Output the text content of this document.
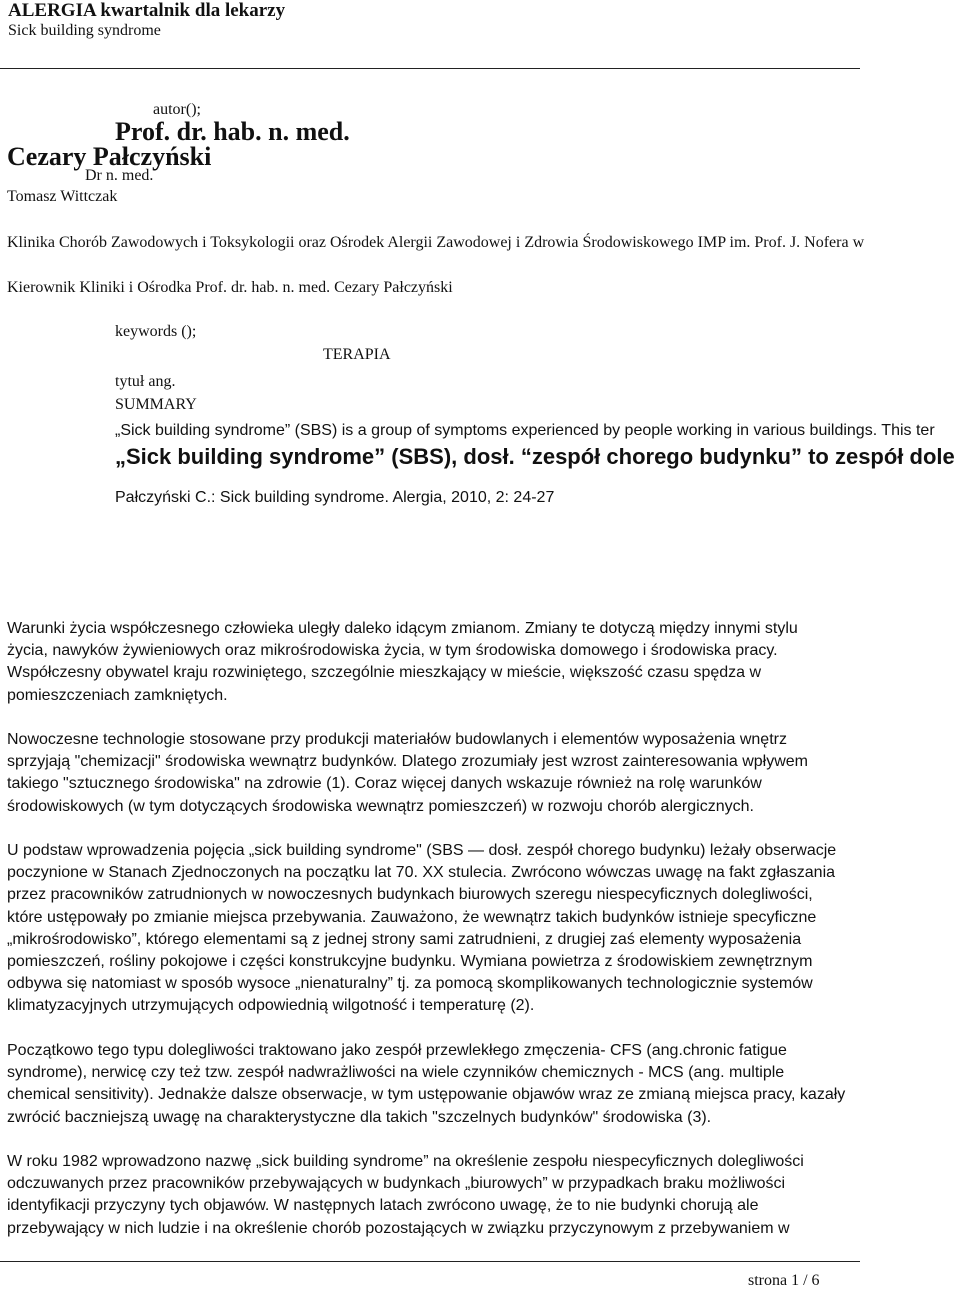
ALERGIA kwartalnik dla lekarzy
Sick building syndrome
autor();
Prof. dr. hab. n. med.
Cezary Pałczyński
Dr n. med.
Tomasz Wittczak
Klinika Chorób Zawodowych i Toksykologii oraz Ośrodek Alergii Zawodowej i Zdrowia Środowiskowego IMP im. Prof. J. Nofera w
Kierownik Kliniki i Ośrodka Prof. dr. hab. n. med. Cezary Pałczyński
keywords ();
TERAPIA
tytuł ang.
SUMMARY
„Sick building syndrome” (SBS) is a group of symptoms experienced by people working in various buildings. This ter
„Sick building syndrome” (SBS), dosł. “zespół chorego budynku” to zespół dole
Pałczyński C.: Sick building syndrome. Alergia, 2010, 2: 24-27
Warunki życia współczesnego człowieka uległy daleko idącym zmianom. Zmiany te dotyczą między innymi stylu
życia, nawyków żywieniowych oraz mikrośrodowiska życia, w tym środowiska domowego i środowiska pracy.
Współczesny obywatel kraju rozwiniętego, szczególnie mieszkający w mieście, większość czasu spędza w
pomieszczeniach zamkniętych.
Nowoczesne technologie stosowane przy produkcji materiałów budowlanych i elementów wyposażenia wnętrz
sprzyjają "chemizacji" środowiska wewnątrz budynków. Dlatego zrozumiały jest wzrost zainteresowania wpływem
takiego "sztucznego środowiska" na zdrowie (1). Coraz więcej danych wskazuje również na rolę warunków
środowiskowych (w tym dotyczących środowiska wewnątrz pomieszczeń) w rozwoju chorób alergicznych.
U podstaw wprowadzenia pojęcia „sick building syndrome" (SBS — dosł. zespół chorego budynku) leżały obserwacje
poczynione w Stanach Zjednoczonych na początku lat 70. XX stulecia. Zwrócono wówczas uwagę na fakt zgłaszania
przez pracowników zatrudnionych w nowoczesnych budynkach biurowych szeregu niespecyficznych dolegliwości,
które ustępowały po zmianie miejsca przebywania. Zauważono, że wewnątrz takich budynków istnieje specyficzne
„mikrośrodowisko”, którego elementami są z jednej strony sami zatrudnieni, z drugiej zaś elementy wyposażenia
pomieszczeń, rośliny pokojowe i części konstrukcyjne budynku. Wymiana powietrza z środowiskiem zewnętrznym
odbywa się natomiast w sposób wysoce „nienaturalny” tj. za pomocą skomplikowanych technologicznie systemów
klimatyzacyjnych utrzymujących odpowiednią wilgotność i temperaturę (2).
Początkowo tego typu dolegliwości traktowano jako zespół przewlekłego zmęczenia- CFS (ang.chronic fatigue
syndrome), nerwicę czy też tzw. zespół nadwrażliwości na wiele czynników chemicznych - MCS (ang. multiple
chemical sensitivity). Jednakże dalsze obserwacje, w tym ustępowanie objawów wraz ze zmianą miejsca pracy, kazały
zwrócić baczniejszą uwagę na charakterystyczne dla takich "szczelnych budynków" środowiska (3).
W roku 1982 wprowadzono nazwę „sick building syndrome” na określenie zespołu niespecyficznych dolegliwości
odczuwanych przez pracowników przebywających w budynkach „biurowych” w przypadkach braku możliwości
identyfikacji przyczyny tych objawów. W następnych latach zwrócono uwagę, że to nie budynki chorują ale
przebywający w nich ludzie i na określenie chorób pozostających w związku przyczynowym z przebywaniem w
strona 1 / 6
